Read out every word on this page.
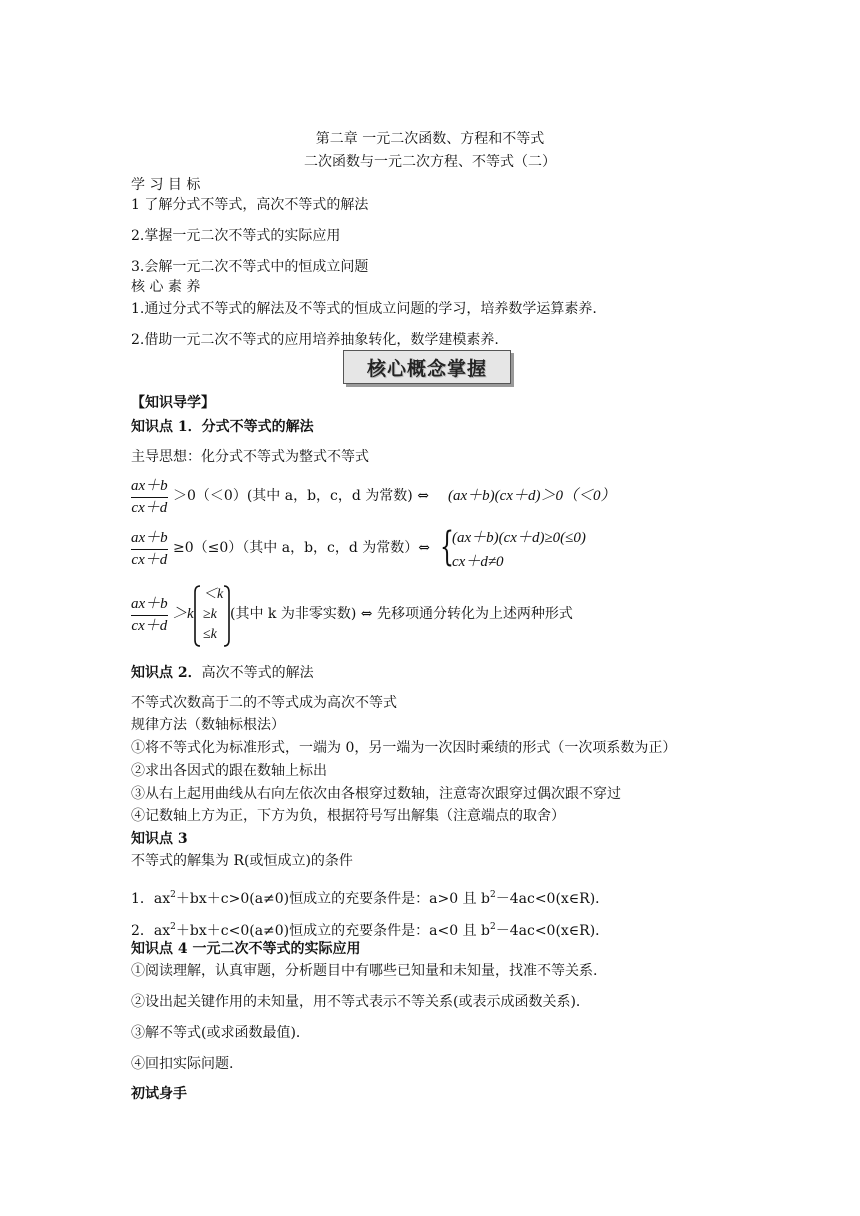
第二章 一元二次函数、方程和不等式
二次函数与一元二次方程、不等式（二）
学 习 目 标
1 了解分式不等式，高次不等式的解法
2.掌握一元二次不等式的实际应用
3.会解一元二次不等式中的恒成立问题
核 心 素 养
1.通过分式不等式的解法及不等式的恒成立问题的学习，培养数学运算素养.
2.借助一元二次不等式的应用培养抽象转化，数学建模素养.
核心概念掌握
【知识导学】
知识点 1．分式不等式的解法
主导思想：化分式不等式为整式不等式
ax＋b
cx＋d
＞0（＜0）(其中 a，b，c，d 为常数) ⇔ (ax＋b)(cx＋d)＞0（＜0）
ax＋b
cx＋d
≥0（≤0）（其中 a，b，c，d 为常数）⇔ {
(ax＋b)(cx＋d)≥0(≤0)
cx＋d≠0
ax＋b
cx＋d
＞k
＜k
≥k
≤k
(其中 k 为非零实数) ⇔ 先移项通分转化为上述两种形式
知识点 2．高次不等式的解法
不等式次数高于二的不等式成为高次不等式
规律方法（数轴标根法）
①将不等式化为标准形式，一端为 0，另一端为一次因时乘绩的形式（一次项系数为正）
②求出各因式的跟在数轴上标出
③从右上起用曲线从右向左依次由各根穿过数轴，注意寄次跟穿过偶次跟不穿过
④记数轴上方为正，下方为负，根据符号写出解集（注意端点的取舍）
知识点 3
不等式的解集为 R(或恒成立)的条件
1．$ax^2+bx+c>0(a\ne 0)$恒成立的充要条件是：a>0 且 $b^2-4ac<0(x\in R)$．
2．$ax^2+bx+c<0(a\ne 0)$恒成立的充要条件是：a<0 且 $b^2-4ac<0(x\in R)$．
知识点 4 一元二次不等式的实际应用
①阅读理解，认真审题，分析题目中有哪些已知量和未知量，找准不等关系.
②设出起关键作用的未知量，用不等式表示不等关系(或表示成函数关系)．
③解不等式(或求函数最值)．
④回扣实际问题.
初试身手
